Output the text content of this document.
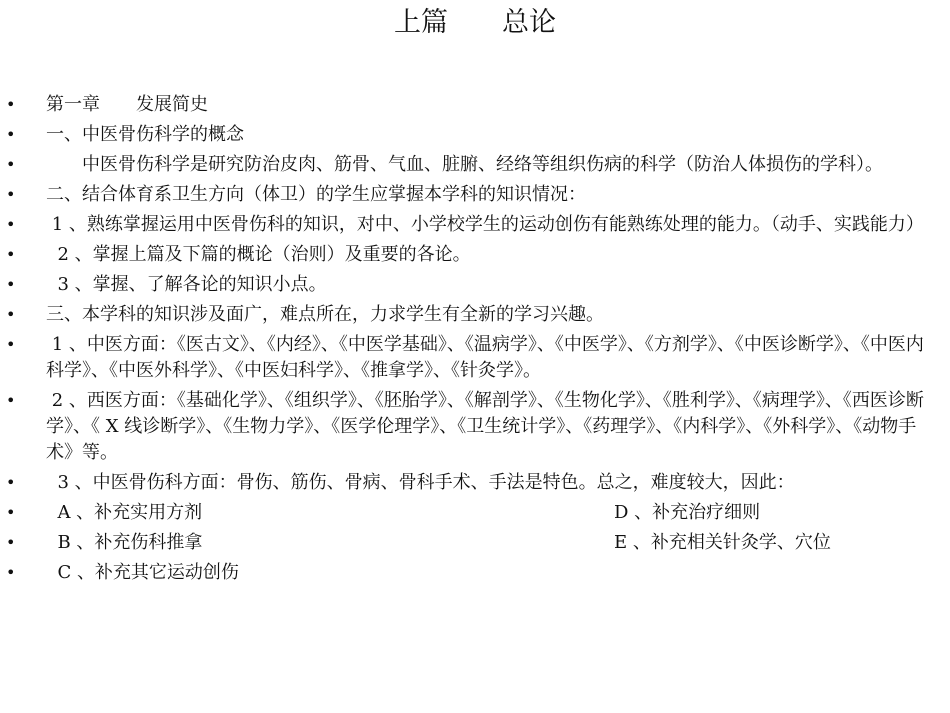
上篇　　总论
• 第一章　　发展简史
• 一、中医骨伤科学的概念
• 　　中医骨伤科学是研究防治皮肉、筋骨、气血、脏腑、经络等组织伤病的科学（防治人体损伤的学科）。
• 二、结合体育系卫生方向（体卫）的学生应掌握本学科的知识情况：
• 1 、熟练掌握运用中医骨伤科的知识，对中、小学校学生的运动创伤有能熟练处理的能力。（动手、实践能力）
• 2 、掌握上篇及下篇的概论（治则）及重要的各论。
• 3 、掌握、了解各论的知识小点。
• 三、本学科的知识涉及面广，难点所在，力求学生有全新的学习兴趣。
• 1 、中医方面：《医古文》、《内经》、《中医学基础》、《温病学》、《中医学》、《方剂学》、《中医诊断学》、《中医内科学》、《中医外科学》、《中医妇科学》、《推拿学》、《针灸学》。
• 2 、西医方面：《基础化学》、《组织学》、《胚胎学》、《解剖学》、《生物化学》、《胜利学》、《病理学》、《西医诊断学》、《 X 线诊断学》、《生物力学》、《医学伦理学》、《卫生统计学》、《药理学》、《内科学》、《外科学》、《动物手术》等。
• 3 、中医骨伤科方面：骨伤、筋伤、骨病、骨科手术、手法是特色。总之，难度较大，因此：
• A 、补充实用方剂	D 、补充治疗细则
• B 、补充伤科推拿	E 、补充相关针灸学、穴位
• C 、补充其它运动创伤
